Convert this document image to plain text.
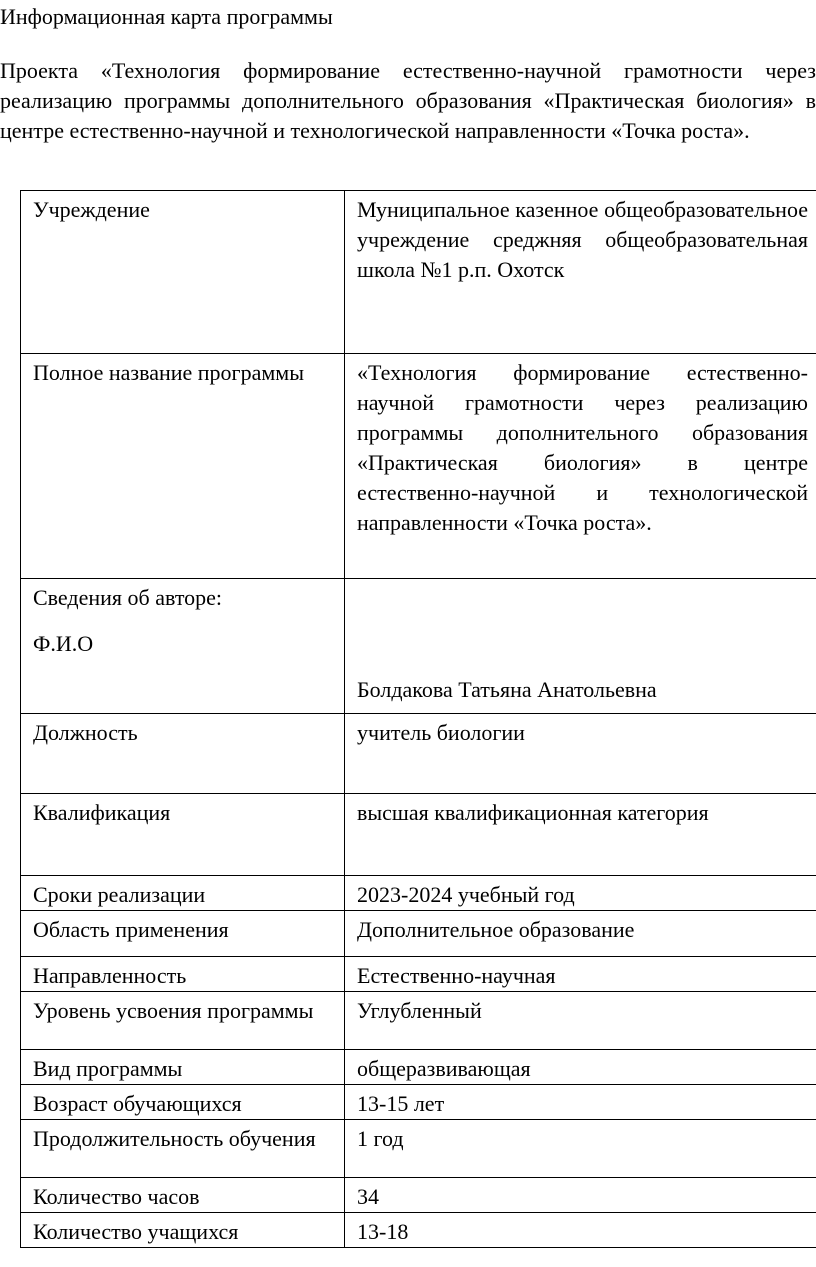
Информационная карта программы

Проекта «Технология формирование естественно-научной грамотности через реализацию программы дополнительного образования «Практическая биология» в центре естественно-научной и технологической направленности «Точка роста».

Учреждение	Муниципальное казенное общеобразовательное учреждение среджняя общеобразовательная школа №1 р.п. Охотск
Полное название программы	«Технология формирование естественно-научной грамотности через реализацию программы дополнительного образования «Практическая биология» в центре естественно-научной и технологической направленности «Точка роста».

Сведения об авторе:
Ф.И.О	Болдакова Татьяна Анатольевна

Должность	учитель биологии
Квалификация	высшая квалификационная категория
Сроки реализации	2023-2024 учебный год
Область применения	Дополнительное образование
Направленность	Естественно-научная
Уровень усвоения программы	Углубленный
Вид программы	общеразвивающая
Возраст обучающихся	13-15 лет
Продолжительность обучения	1 год
Количество часов	34
Количество учащихся	13-18
